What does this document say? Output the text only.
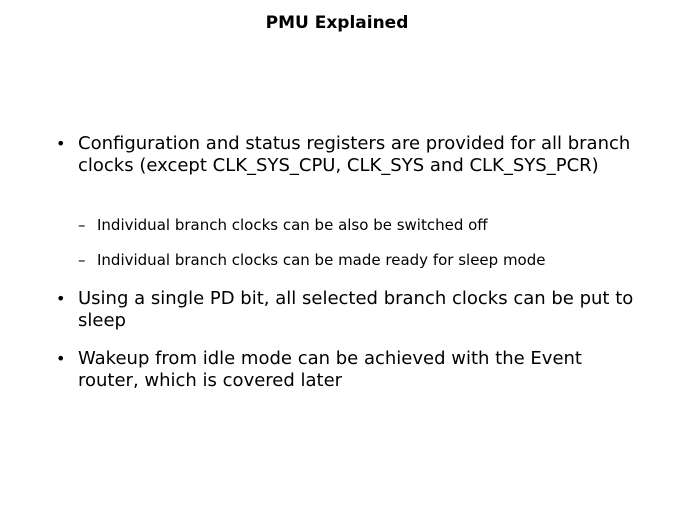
PMU Explained
• Configuration and status registers are provided for all branch clocks (except CLK_SYS_CPU, CLK_SYS and CLK_SYS_PCR)
– Individual branch clocks can be also be switched off
– Individual branch clocks can be made ready for sleep mode
• Using a single PD bit, all selected branch clocks can be put to sleep
• Wakeup from idle mode can be achieved with the Event router, which is covered later
